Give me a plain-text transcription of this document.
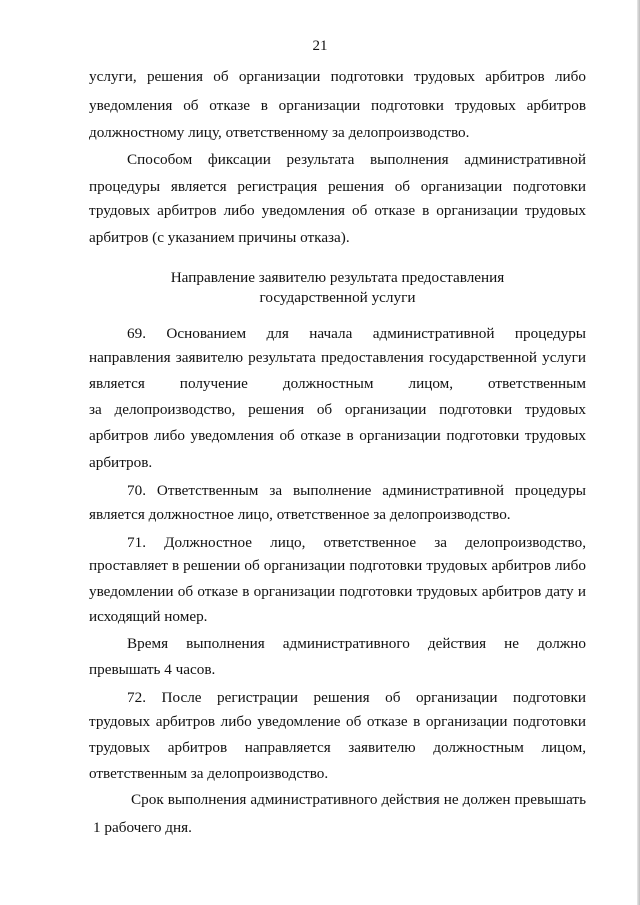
21
услуги, решения об организации подготовки трудовых арбитров либо
уведомления об отказе в организации подготовки трудовых арбитров
должностному лицу, ответственному за делопроизводство.
Способом фиксации результата выполнения административной
процедуры является регистрация решения об организации подготовки
трудовых арбитров либо уведомления об отказе в организации трудовых
арбитров (с указанием причины отказа).
Направление заявителю результата предоставления
государственной услуги
69. Основанием для начала административной процедуры
направления заявителю результата предоставления государственной услуги
является получение должностным лицом, ответственным
за делопроизводство, решения об организации подготовки трудовых
арбитров либо уведомления об отказе в организации подготовки трудовых
арбитров.
70. Ответственным за выполнение административной процедуры
является должностное лицо, ответственное за делопроизводство.
71. Должностное лицо, ответственное за делопроизводство,
проставляет в решении об организации подготовки трудовых арбитров либо
уведомлении об отказе в организации подготовки трудовых арбитров дату и
исходящий номер.
Время выполнения административного действия не должно
превышать 4 часов.
72. После регистрации решения об организации подготовки
трудовых арбитров либо уведомление об отказе в организации подготовки
трудовых арбитров направляется заявителю должностным лицом,
ответственным за делопроизводство.
Срок выполнения административного действия не должен превышать
1 рабочего дня.
